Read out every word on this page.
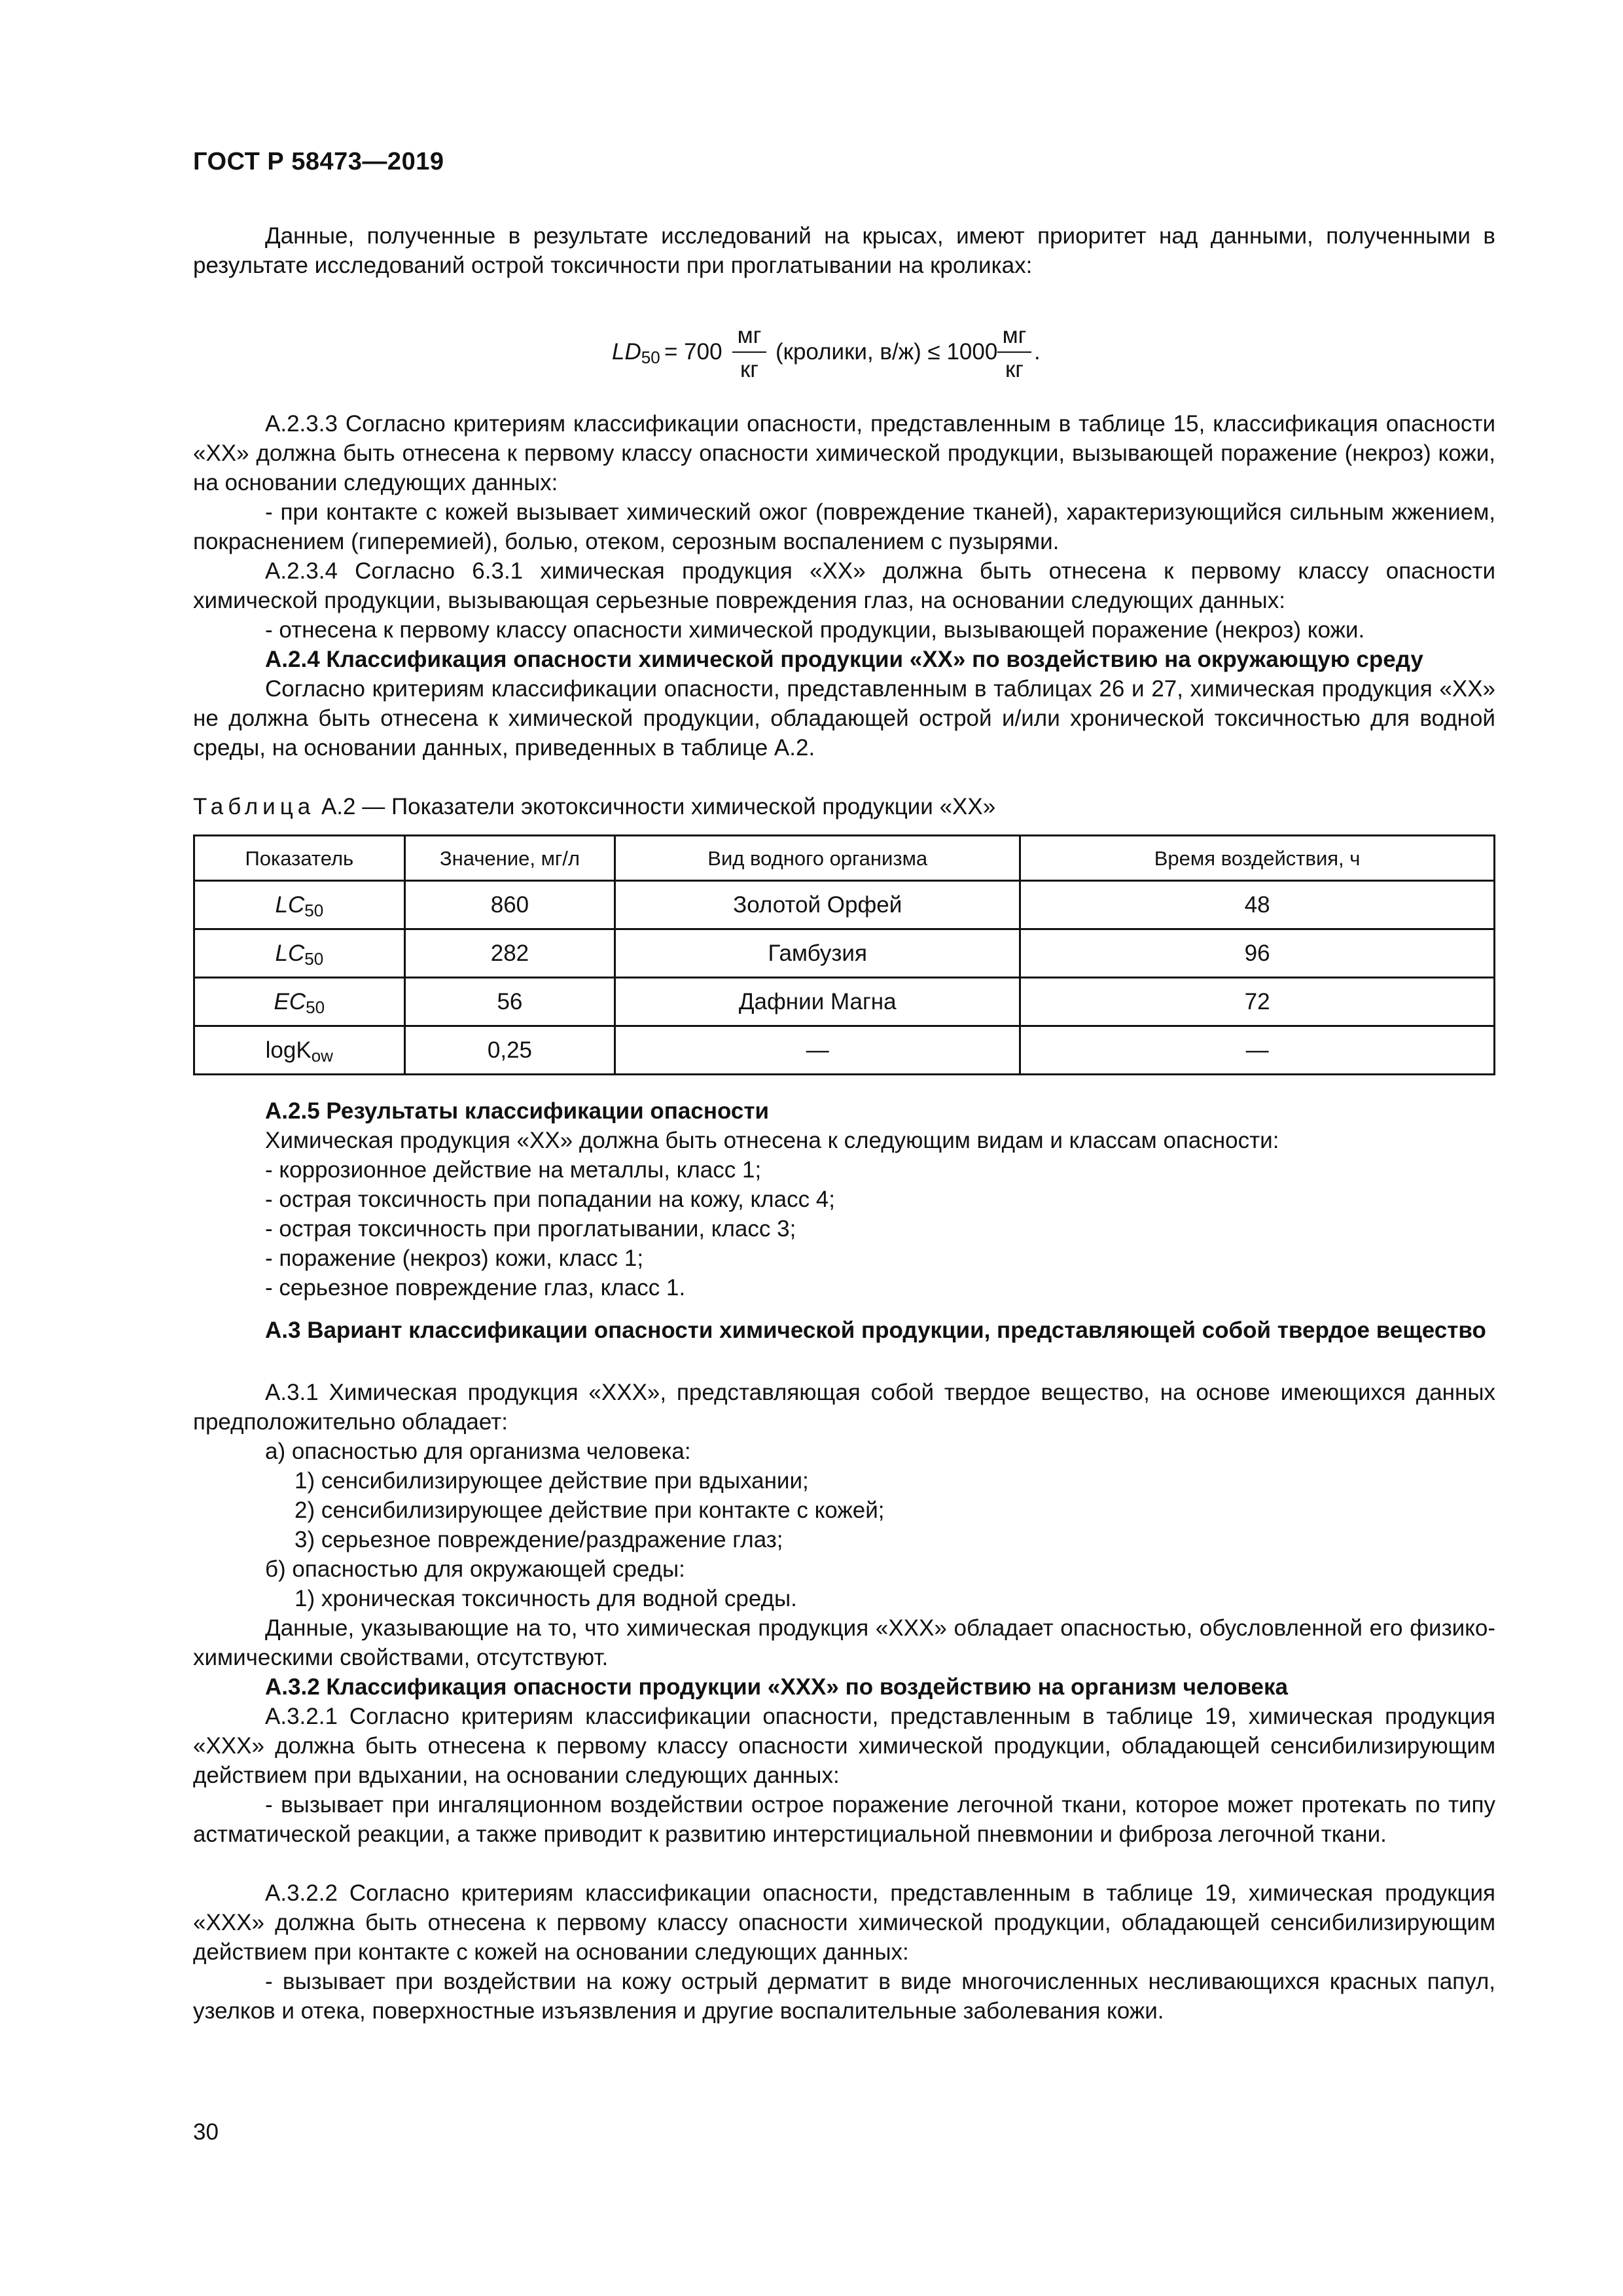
ГОСТ Р 58473—2019
Данные, полученные в результате исследований на крысах, имеют приоритет над данными, полученными в результате исследований острой токсичности при проглатывании на кроликах:
$LD_{50} = 700$
мг
кг
(кролики, в/ж) ≤ 1000
мг
кг
.
А.2.3.3 Согласно критериям классификации опасности, представленным в таблице 15, классификация опасности «XX» должна быть отнесена к первому классу опасности химической продукции, вызывающей поражение (некроз) кожи, на основании следующих данных:
- при контакте с кожей вызывает химический ожог (повреждение тканей), характеризующийся сильным жжением, покраснением (гиперемией), болью, отеком, серозным воспалением с пузырями.
А.2.3.4 Согласно 6.3.1 химическая продукция «XX» должна быть отнесена к первому классу опасности химической продукции, вызывающая серьезные повреждения глаз, на основании следующих данных:
- отнесена к первому классу опасности химической продукции, вызывающей поражение (некроз) кожи.
А.2.4 Классификация опасности химической продукции «XX» по воздействию на окружающую среду
Согласно критериям классификации опасности, представленным в таблицах 26 и 27, химическая продукция «XX» не должна быть отнесена к химической продукции, обладающей острой и/или хронической токсичностью для водной среды, на основании данных, приведенных в таблице А.2.
Таблица А.2 — Показатели экотоксичности химической продукции «XX»
Показатель	Значение, мг/л	Вид водного организма	Время воздействия, ч
$LC_{50}$	860	Золотой Орфей	48
$LC_{50}$	282	Гамбузия	96
$EC_{50}$	56	Дафнии Магна	72
logK$_{ow}$	0,25	—	—
А.2.5 Результаты классификации опасности
Химическая продукция «XX» должна быть отнесена к следующим видам и классам опасности:
- коррозионное действие на металлы, класс 1;
- острая токсичность при попадании на кожу, класс 4;
- острая токсичность при проглатывании, класс 3;
- поражение (некроз) кожи, класс 1;
- серьезное повреждение глаз, класс 1.
А.3 Вариант классификации опасности химической продукции, представляющей собой твердое вещество
А.3.1 Химическая продукция «XXX», представляющая собой твердое вещество, на основе имеющихся данных предположительно обладает:
а) опасностью для организма человека:
1) сенсибилизирующее действие при вдыхании;
2) сенсибилизирующее действие при контакте с кожей;
3) серьезное повреждение/раздражение глаз;
б) опасностью для окружающей среды:
1) хроническая токсичность для водной среды.
Данные, указывающие на то, что химическая продукция «XXX» обладает опасностью, обусловленной его физико-химическими свойствами, отсутствуют.
А.3.2 Классификация опасности продукции «XXX» по воздействию на организм человека
А.3.2.1 Согласно критериям классификации опасности, представленным в таблице 19, химическая продукция «XXX» должна быть отнесена к первому классу опасности химической продукции, обладающей сенсибилизирующим действием при вдыхании, на основании следующих данных:
- вызывает при ингаляционном воздействии острое поражение легочной ткани, которое может протекать по типу астматической реакции, а также приводит к развитию интерстициальной пневмонии и фиброза легочной ткани.
А.3.2.2 Согласно критериям классификации опасности, представленным в таблице 19, химическая продукция «XXX» должна быть отнесена к первому классу опасности химической продукции, обладающей сенсибилизирующим действием при контакте с кожей на основании следующих данных:
- вызывает при воздействии на кожу острый дерматит в виде многочисленных несливающихся красных папул, узелков и отека, поверхностные изъязвления и другие воспалительные заболевания кожи.
30
